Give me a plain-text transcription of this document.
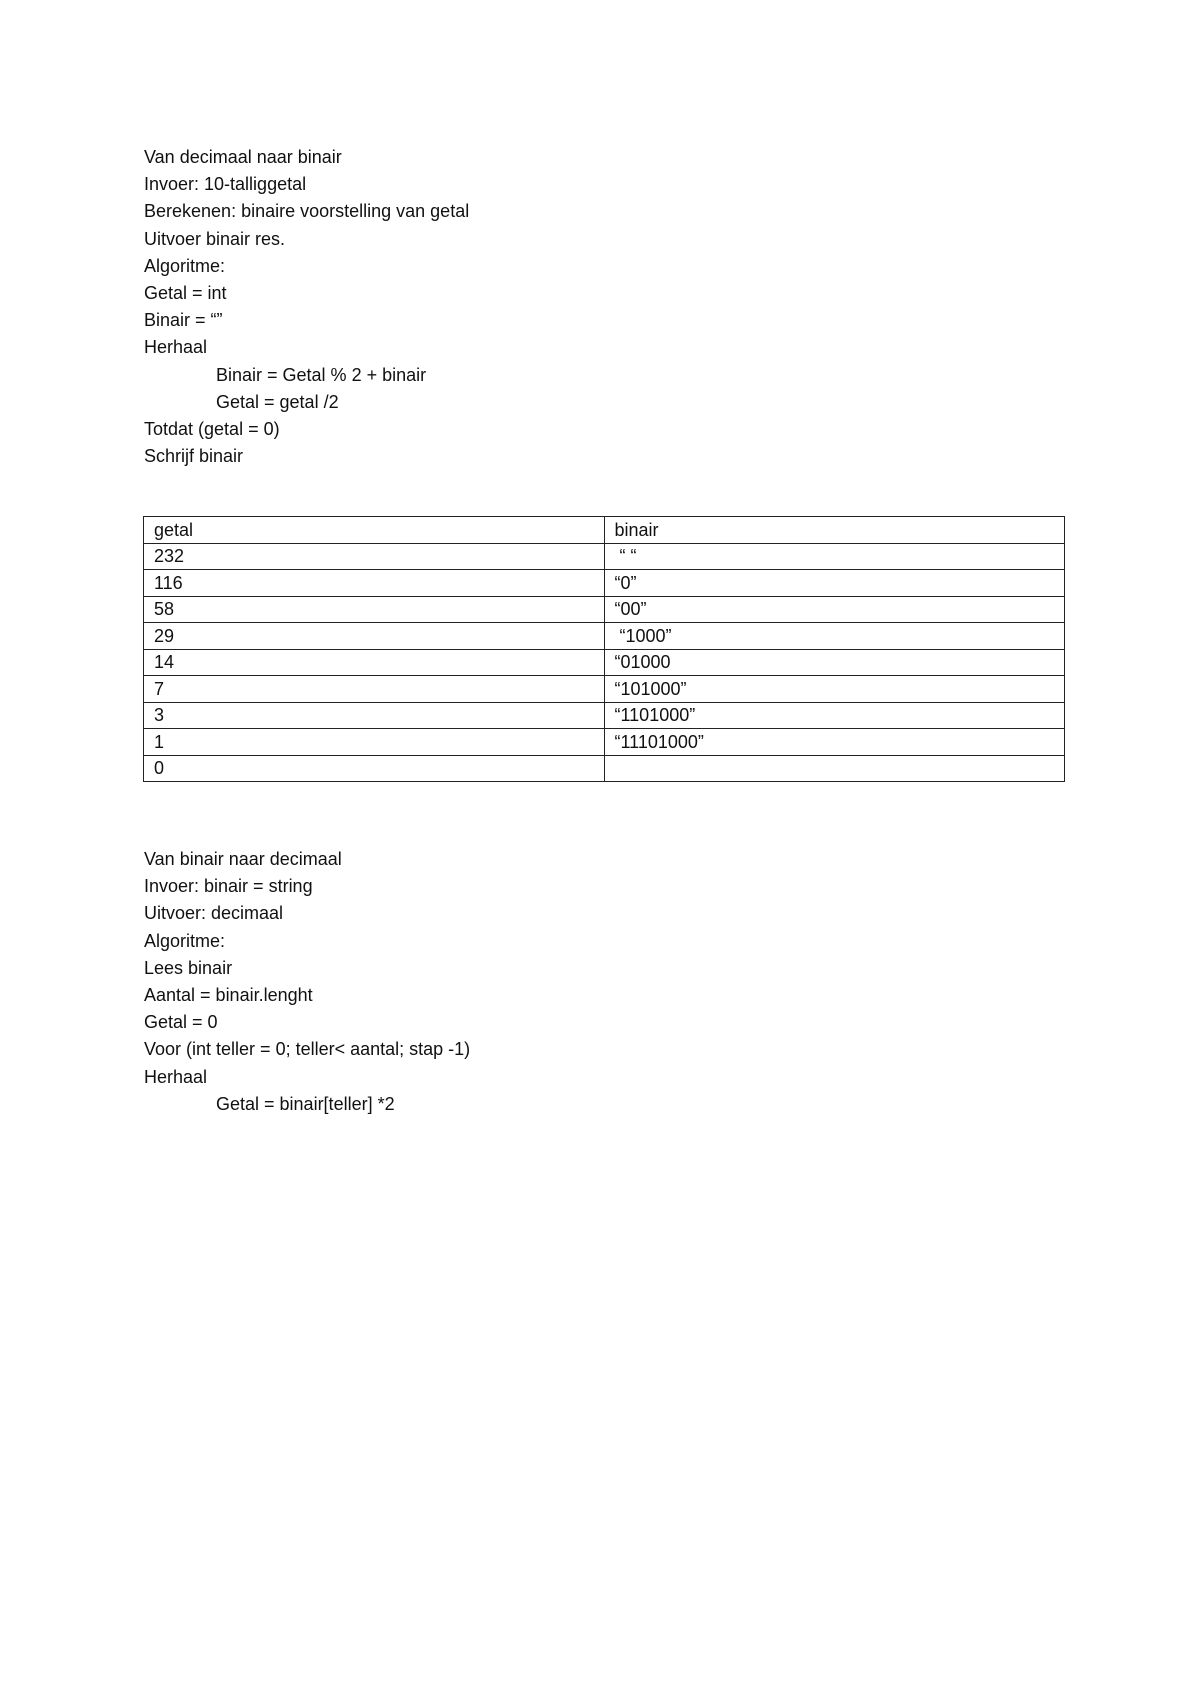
Van decimaal naar binair
Invoer: 10-talliggetal
Berekenen: binaire voorstelling van getal
Uitvoer binair res.
Algoritme:
Getal = int
Binair = “”
Herhaal
Binair = Getal % 2 + binair
Getal = getal /2
Totdat (getal = 0)
Schrijf binair
getal	binair
232	“ “
116	“0”
58	“00”
29	“1000”
14	“01000
7	“101000”
3	“1101000”
1	“11101000”
0	
Van binair naar decimaal
Invoer: binair = string
Uitvoer: decimaal
Algoritme:
Lees binair
Aantal = binair.lenght
Getal = 0
Voor (int teller = 0; teller< aantal; stap -1)
Herhaal
Getal = binair[teller] *2
